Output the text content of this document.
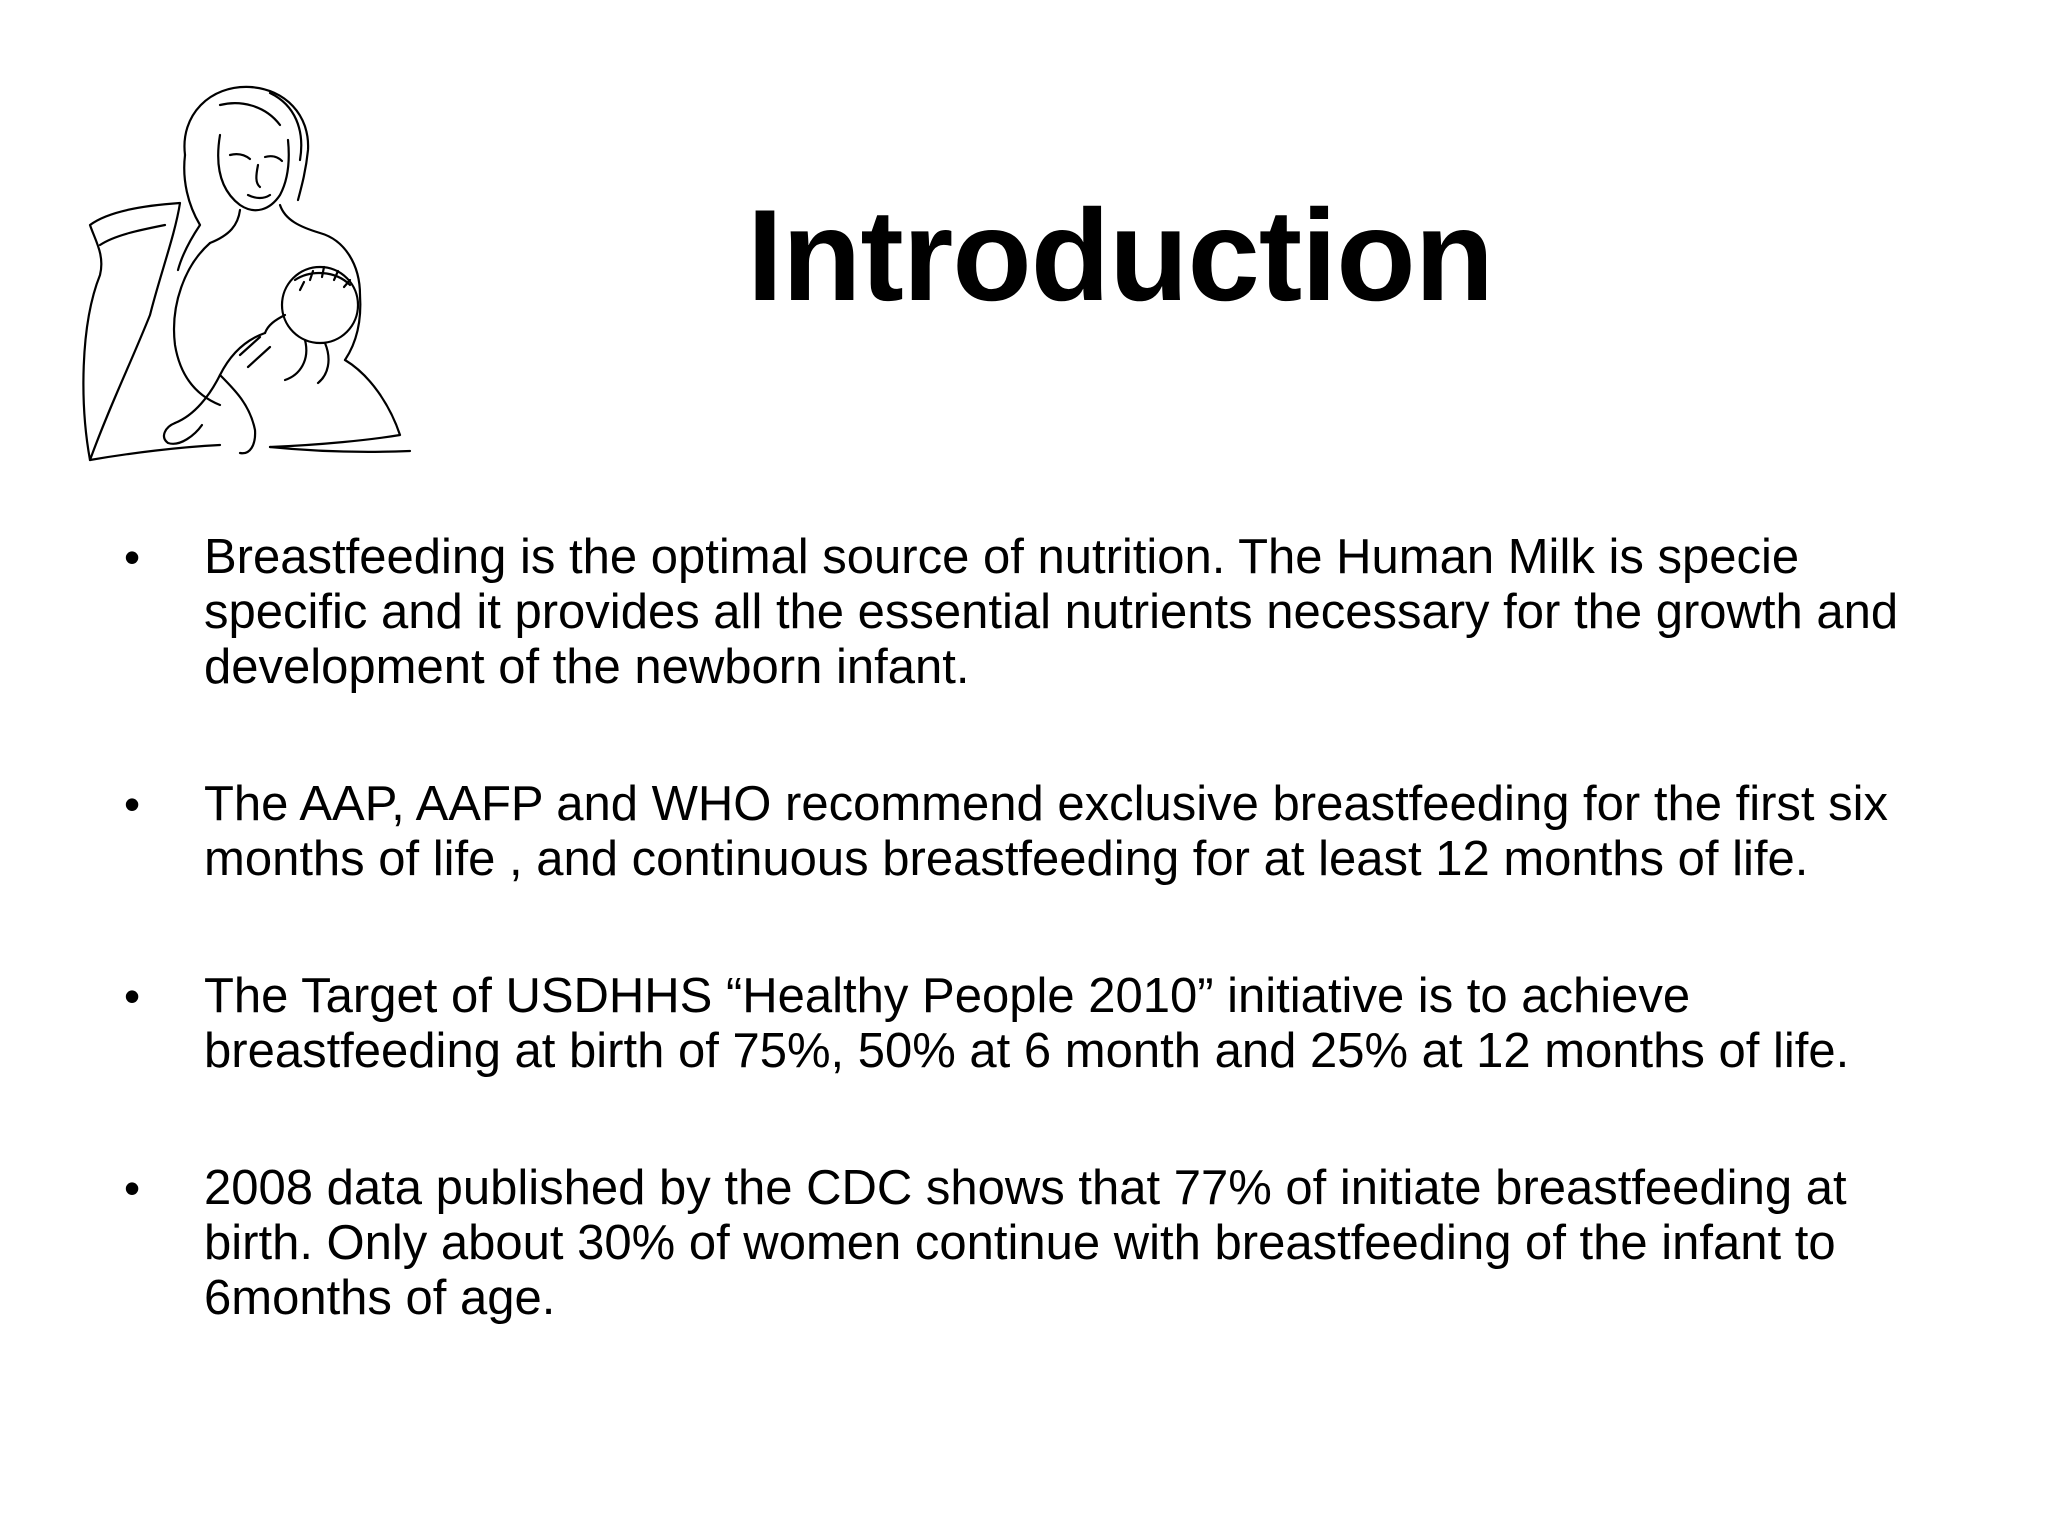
Introduction
• Breastfeeding is the optimal source of nutrition. The Human Milk is specie specific and it provides all the essential nutrients necessary for the growth and development of the newborn infant.
• The AAP, AAFP and WHO recommend exclusive breastfeeding for the first six months of life , and continuous breastfeeding for at least 12 months of life.
• The Target of USDHHS “Healthy People 2010” initiative is to achieve breastfeeding at birth of 75%, 50% at 6 month and 25% at 12 months of life.
• 2008 data published by the CDC shows that 77% of initiate breastfeeding at birth. Only about 30% of women continue with breastfeeding of the infant to 6months of age.
